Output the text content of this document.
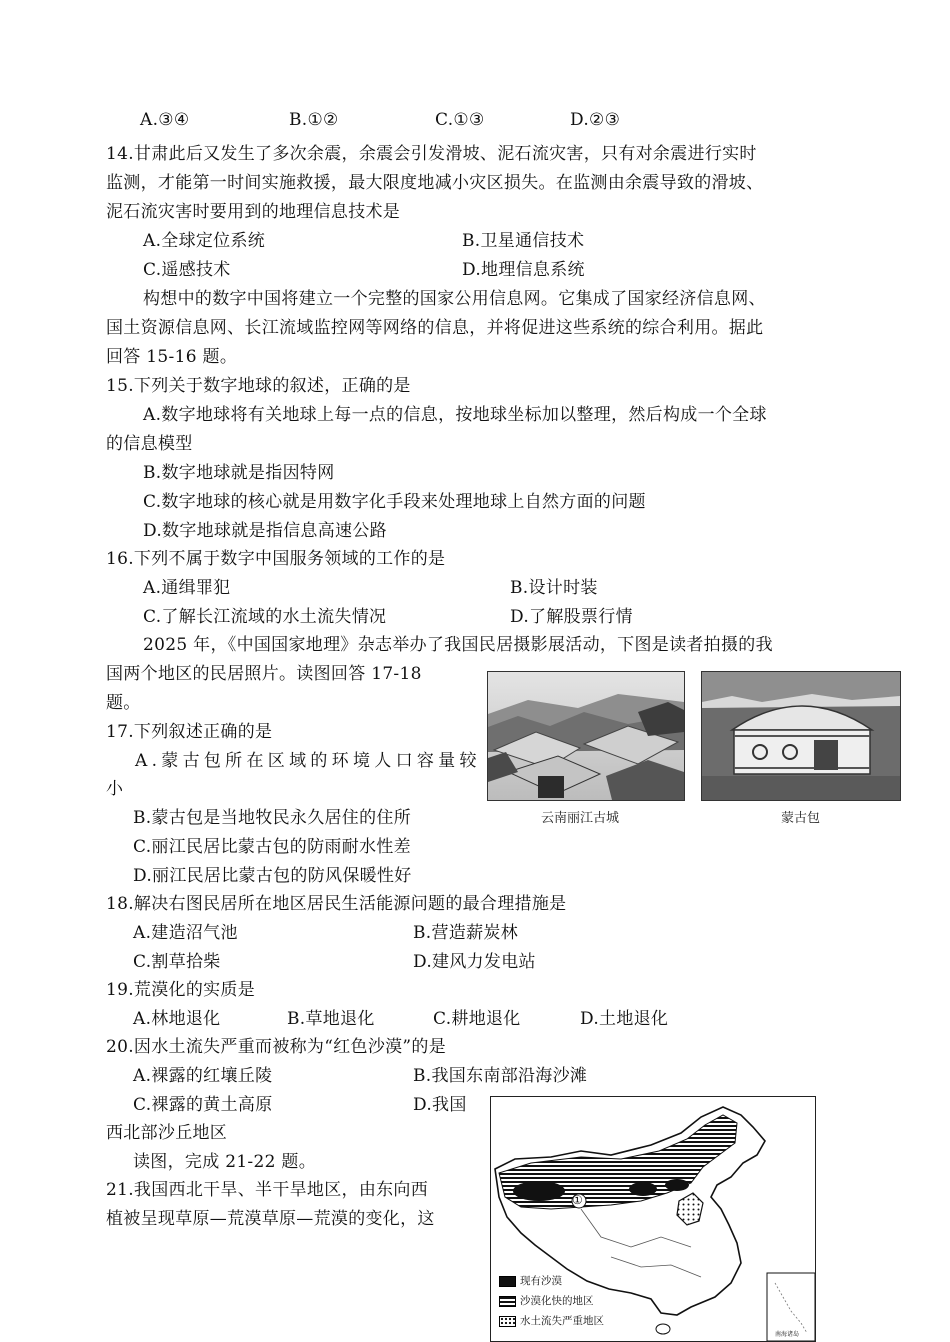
A.③④	B.①②	C.①③	D.②③
14.甘肃此后又发生了多次余震，余震会引发滑坡、泥石流灾害，只有对余震进行实时
监测，才能第一时间实施救援，最大限度地减小灾区损失。在监测由余震导致的滑坡、
泥石流灾害时要用到的地理信息技术是
A.全球定位系统	B.卫星通信技术
C.遥感技术	D.地理信息系统
构想中的数字中国将建立一个完整的国家公用信息网。它集成了国家经济信息网、
国土资源信息网、长江流域监控网等网络的信息，并将促进这些系统的综合利用。据此
回答 15-16 题。
15.下列关于数字地球的叙述，正确的是
A.数字地球将有关地球上每一点的信息，按地球坐标加以整理，然后构成一个全球
的信息模型
B.数字地球就是指因特网
C.数字地球的核心就是用数字化手段来处理地球上自然方面的问题
D.数字地球就是指信息高速公路
16.下列不属于数字中国服务领域的工作的是
A.通缉罪犯	B.设计时装
C.了解长江流域的水土流失情况	D.了解股票行情
2025 年，《中国国家地理》杂志举办了我国民居摄影展活动，下图是读者拍摄的我
国两个地区的民居照片。读图回答 17-18
题。
云南丽江古城	蒙古包
17.下列叙述正确的是
A.蒙古包所在区域的环境人口容量较
小
B.蒙古包是当地牧民永久居住的住所
C.丽江民居比蒙古包的防雨耐水性差
D.丽江民居比蒙古包的防风保暖性好
18.解决右图民居所在地区居民生活能源问题的最合理措施是
A.建造沼气池	B.营造薪炭林
C.割草拾柴	D.建风力发电站
19.荒漠化的实质是
A.林地退化	B.草地退化	C.耕地退化	D.土地退化
20.因水土流失严重而被称为“红色沙漠”的是
A.裸露的红壤丘陵	B.我国东南部沿海沙滩
C.裸露的黄土高原	D.我国
西北部沙丘地区
读图，完成 21-22 题。
21.我国西北干旱、半干旱地区，由东向西
植被呈现草原—荒漠草原—荒漠的变化，这
①
现有沙漠
沙漠化快的地区
水土流失严重地区
南海诸岛
